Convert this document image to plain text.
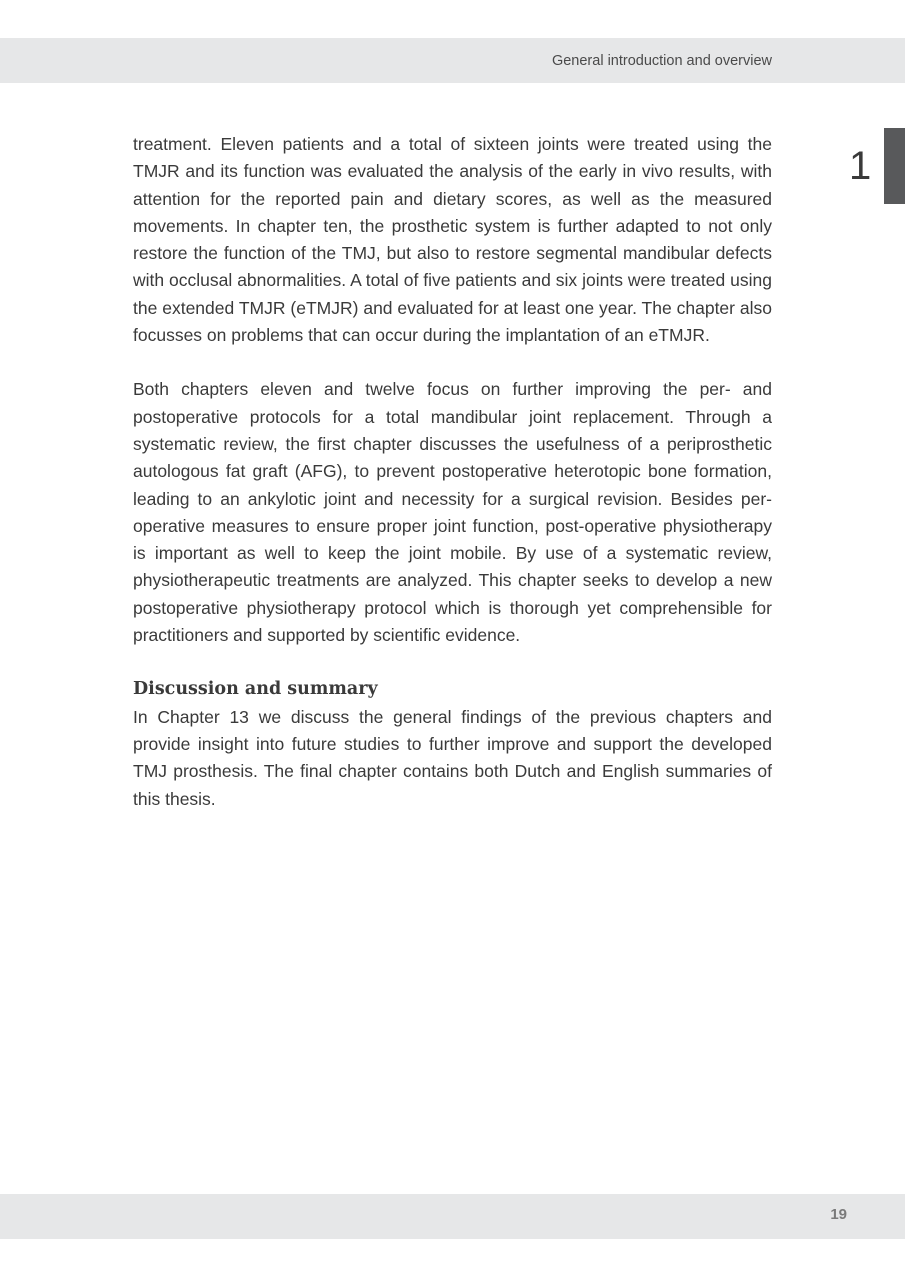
General introduction and overview
1

treatment. Eleven patients and a total of sixteen joints were treated using the TMJR and its function was evaluated the analysis of the early in vivo results, with attention for the reported pain and dietary scores, as well as the measured movements. In chapter ten, the prosthetic system is further adapted to not only restore the function of the TMJ, but also to restore segmental mandibular defects with occlusal abnormalities. A total of five patients and six joints were treated using the extended TMJR (eTMJR) and evaluated for at least one year. The chapter also focusses on problems that can occur during the implantation of an eTMJR.

Both chapters eleven and twelve focus on further improving the per- and postoperative protocols for a total mandibular joint replacement. Through a systematic review, the first chapter discusses the usefulness of a periprosthetic autologous fat graft (AFG), to prevent postoperative heterotopic bone formation, leading to an ankylotic joint and necessity for a surgical revision. Besides per-operative measures to ensure proper joint function, post-operative physiotherapy is important as well to keep the joint mobile. By use of a systematic review, physiotherapeutic treatments are analyzed. This chapter seeks to develop a new postoperative physiotherapy protocol which is thorough yet comprehensible for practitioners and supported by scientific evidence.

Discussion and summary

In Chapter 13 we discuss the general findings of the previous chapters and provide insight into future studies to further improve and support the developed TMJ prosthesis. The final chapter contains both Dutch and English summaries of this thesis.

19
